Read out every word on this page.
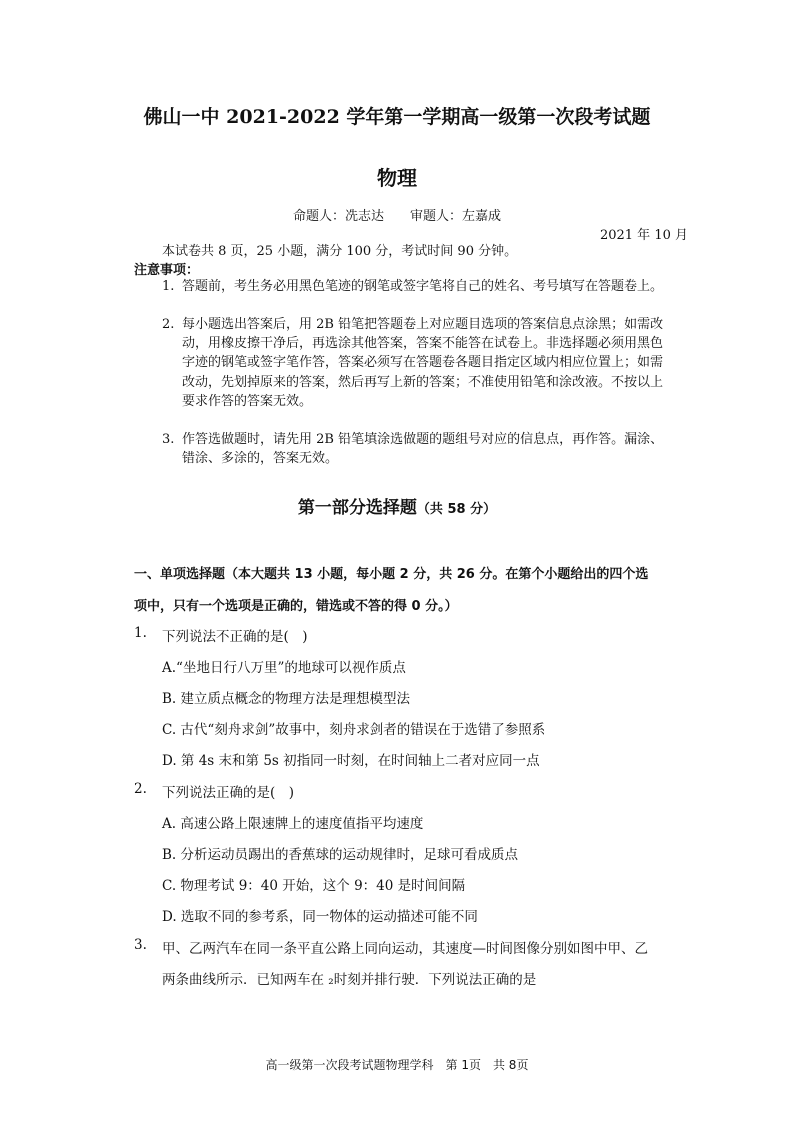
佛山一中 2021-2022 学年第一学期高一级第一次段考试题
物理
命题人：冼志达　　审题人：左嘉成
2021 年 10 月
本试卷共 8 页，25 小题，满分 100 分，考试时间 90 分钟。
注意事项：
1. 答题前，考生务必用黑色笔迹的钢笔或签字笔将自己的姓名、考号填写在答题卷上。
2. 每小题选出答案后，用 2B 铅笔把答题卷上对应题目选项的答案信息点涂黑；如需改动，用橡皮擦干净后，再选涂其他答案，答案不能答在试卷上。非选择题必须用黑色字迹的钢笔或签字笔作答，答案必须写在答题卷各题目指定区域内相应位置上；如需改动，先划掉原来的答案，然后再写上新的答案；不准使用铅笔和涂改液。不按以上要求作答的答案无效。
3. 作答选做题时，请先用 2B 铅笔填涂选做题的题组号对应的信息点，再作答。漏涂、错涂、多涂的，答案无效。
第一部分选择题（共 58 分）
一、单项选择题（本大题共 13 小题，每小题 2 分，共 26 分。在第个小题给出的四个选
项中，只有一个选项是正确的，错选或不答的得 0 分。）
1. 下列说法不正确的是(　)
A.“坐地日行八万里”的地球可以视作质点
B. 建立质点概念的物理方法是理想模型法
C. 古代“刻舟求剑”故事中，刻舟求剑者的错误在于选错了参照系
D. 第 4s 末和第 5s 初指同一时刻，在时间轴上二者对应同一点
2. 下列说法正确的是(　)
A. 高速公路上限速牌上的速度值指平均速度
B. 分析运动员踢出的香蕉球的运动规律时，足球可看成质点
C. 物理考试 9：40 开始，这个 9：40 是时间间隔
D. 选取不同的参考系，同一物体的运动描述可能不同
3. 甲、乙两汽车在同一条平直公路上同向运动，其速度—时间图像分别如图中甲、乙
两条曲线所示．已知两车在 ₂时刻并排行驶．下列说法正确的是
高一级第一次段考试题物理学科　第 1页　共 8页
